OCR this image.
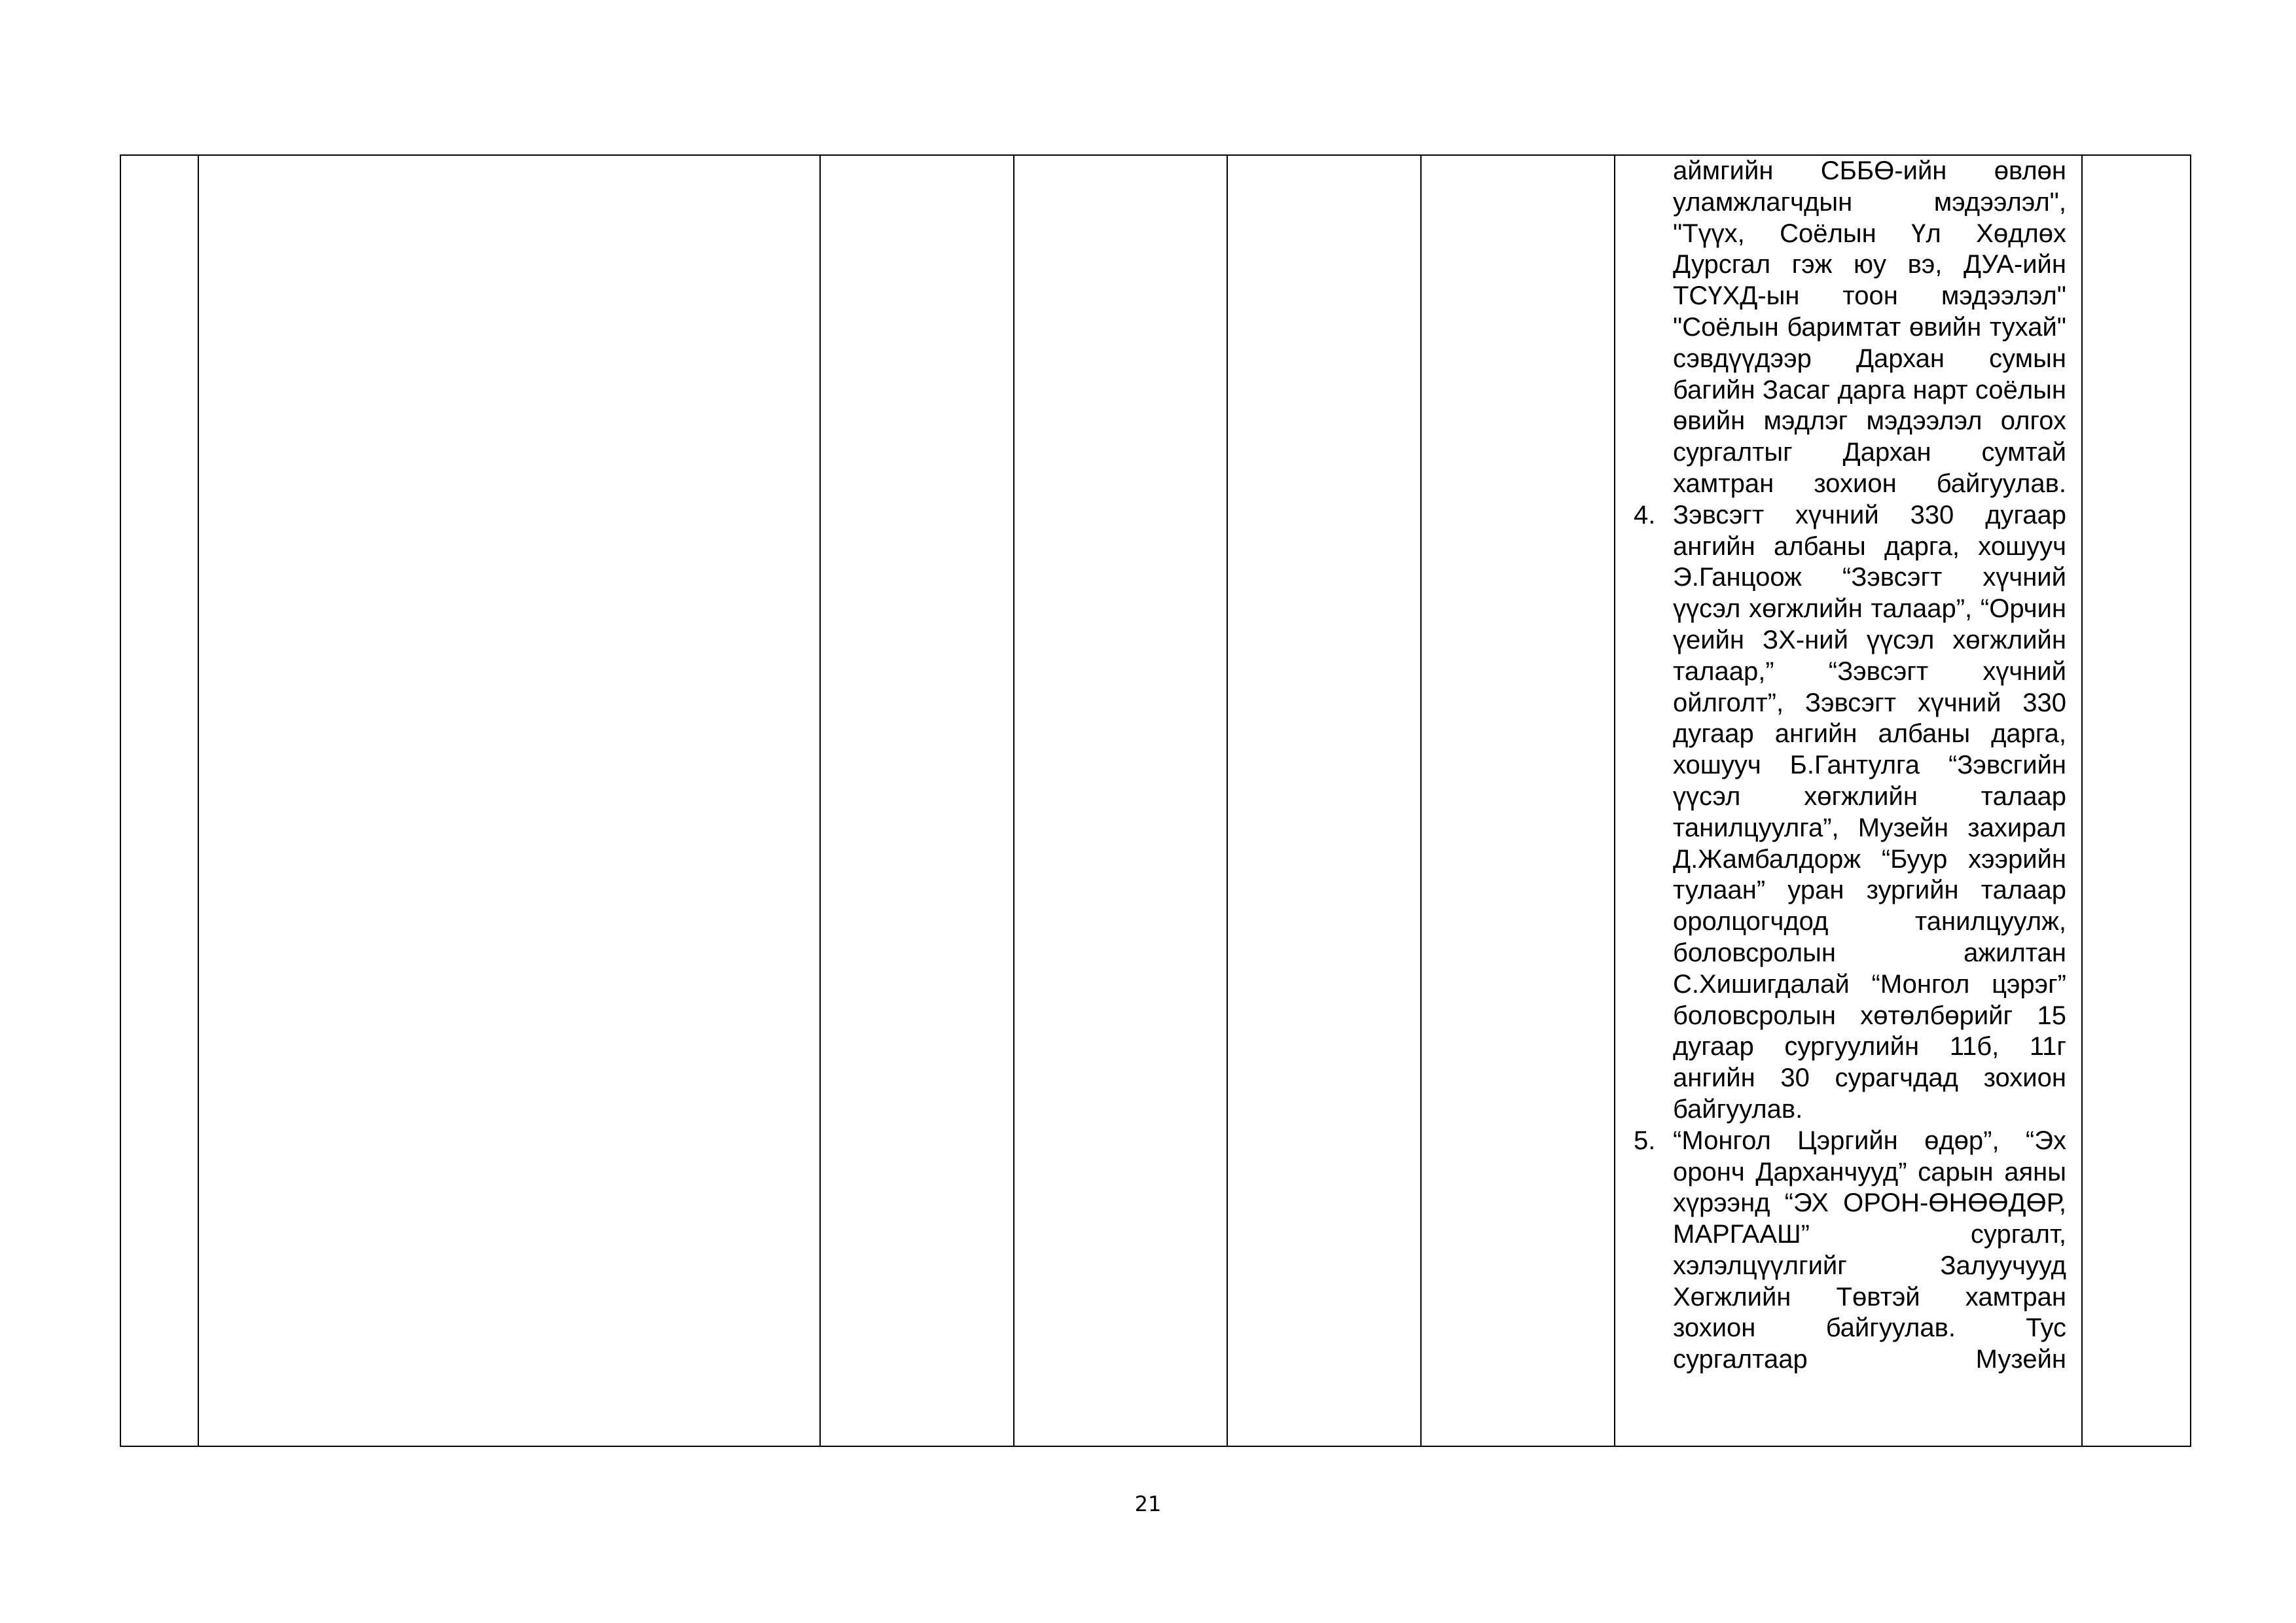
аймгийн СББӨ-ийн өвлөн уламжлагчдын мэдээлэл", "Түүх, Соёлын Үл Хөдлөх Дурсгал гэж юу вэ, ДУА-ийн ТСҮХД-ын тоон мэдээлэл" "Соёлын баримтат өвийн тухай" сэвдүүдээр Дархан сумын багийн Засаг дарга нарт соёлын өвийн мэдлэг мэдээлэл олгох сургалтыг Дархан сумтай хамтран зохион байгуулав.

4. Зэвсэгт хүчний 330 дугаар ангийн албаны дарга, хошууч Э.Ганцоож “Зэвсэгт хүчний үүсэл хөгжлийн талаар”, “Орчин үеийн ЗХ-ний үүсэл хөгжлийн талаар,” “Зэвсэгт хүчний ойлголт”, Зэвсэгт хүчний 330 дугаар ангийн албаны дарга, хошууч Б.Гантулга “Зэвсгийн үүсэл хөгжлийн талаар танилцуулга”, Музейн захирал Д.Жамбалдорж “Буур хээрийн тулаан” уран зургийн талаар оролцогчдод танилцуулж, боловсролын ажилтан С.Хишигдалай “Монгол цэрэг” боловсролын хөтөлбөрийг 15 дугаар сургуулийн 11б, 11г ангийн 30 сурагчдад зохион байгуулав.
5. “Монгол Цэргийн өдөр”, “Эх оронч Дарханчууд” сарын аяны хүрээнд “ЭХ ОРОН-ӨНӨӨДӨР, МАРГААШ” сургалт, хэлэлцүүлгийг Залуучууд Хөгжлийн Төвтэй хамтран зохион байгуулав. Тус сургалтаар Музейн

21
